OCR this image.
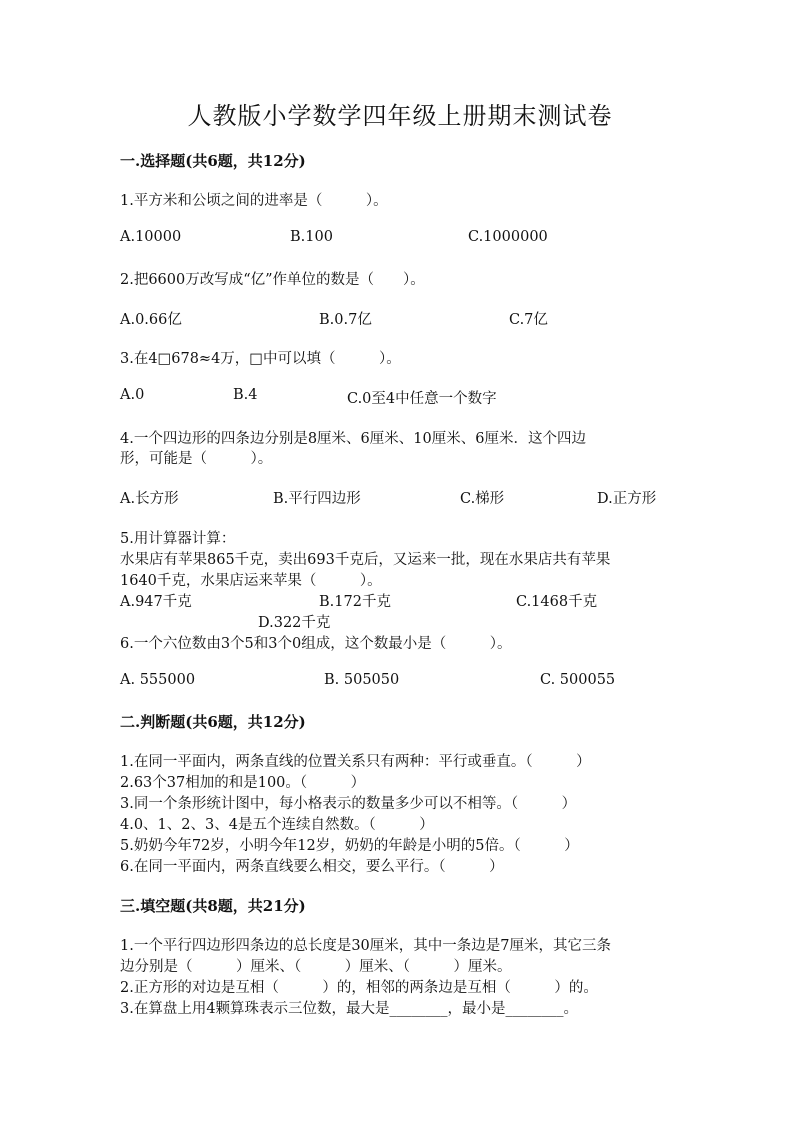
人教版小学数学四年级上册期末测试卷
一.选择题(共6题，共12分)
1.平方米和公顷之间的进率是（　　　）。
A.10000	B.100	C.1000000
2.把6600万改写成“亿”作单位的数是（　　）。
A.0.66亿	B.0.7亿	C.7亿
3.在4□678≈4万，□中可以填（　　　）。
A.0	B.4	C.0至4中任意一个数字
4.一个四边形的四条边分别是8厘米、6厘米、10厘米、6厘米．这个四边
形，可能是（　　　）。
A.长方形	B.平行四边形	C.梯形	D.正方形
5.用计算器计算：
水果店有苹果865千克，卖出693千克后，又运来一批，现在水果店共有苹果
1640千克，水果店运来苹果（　　　）。
A.947千克	B.172千克	C.1468千克
D.322千克
6.一个六位数由3个5和3个0组成，这个数最小是（　　　）。
A. 555000	B. 505050	C. 500055
二.判断题(共6题，共12分)
1.在同一平面内，两条直线的位置关系只有两种：平行或垂直。（　　　）
2.63个37相加的和是100。（　　　）
3.同一个条形统计图中，每小格表示的数量多少可以不相等。（　　　）
4.0、1、2、3、4是五个连续自然数。（　　　）
5.奶奶今年72岁，小明今年12岁，奶奶的年龄是小明的5倍。（　　　）
6.在同一平面内，两条直线要么相交，要么平行。（　　　）
三.填空题(共8题，共21分)
1.一个平行四边形四条边的总长度是30厘米，其中一条边是7厘米，其它三条
边分别是（　　　）厘米、（　　　）厘米、（　　　）厘米。
2.正方形的对边是互相（　　　）的，相邻的两条边是互相（　　　）的。
3.在算盘上用4颗算珠表示三位数，最大是________，最小是________。
